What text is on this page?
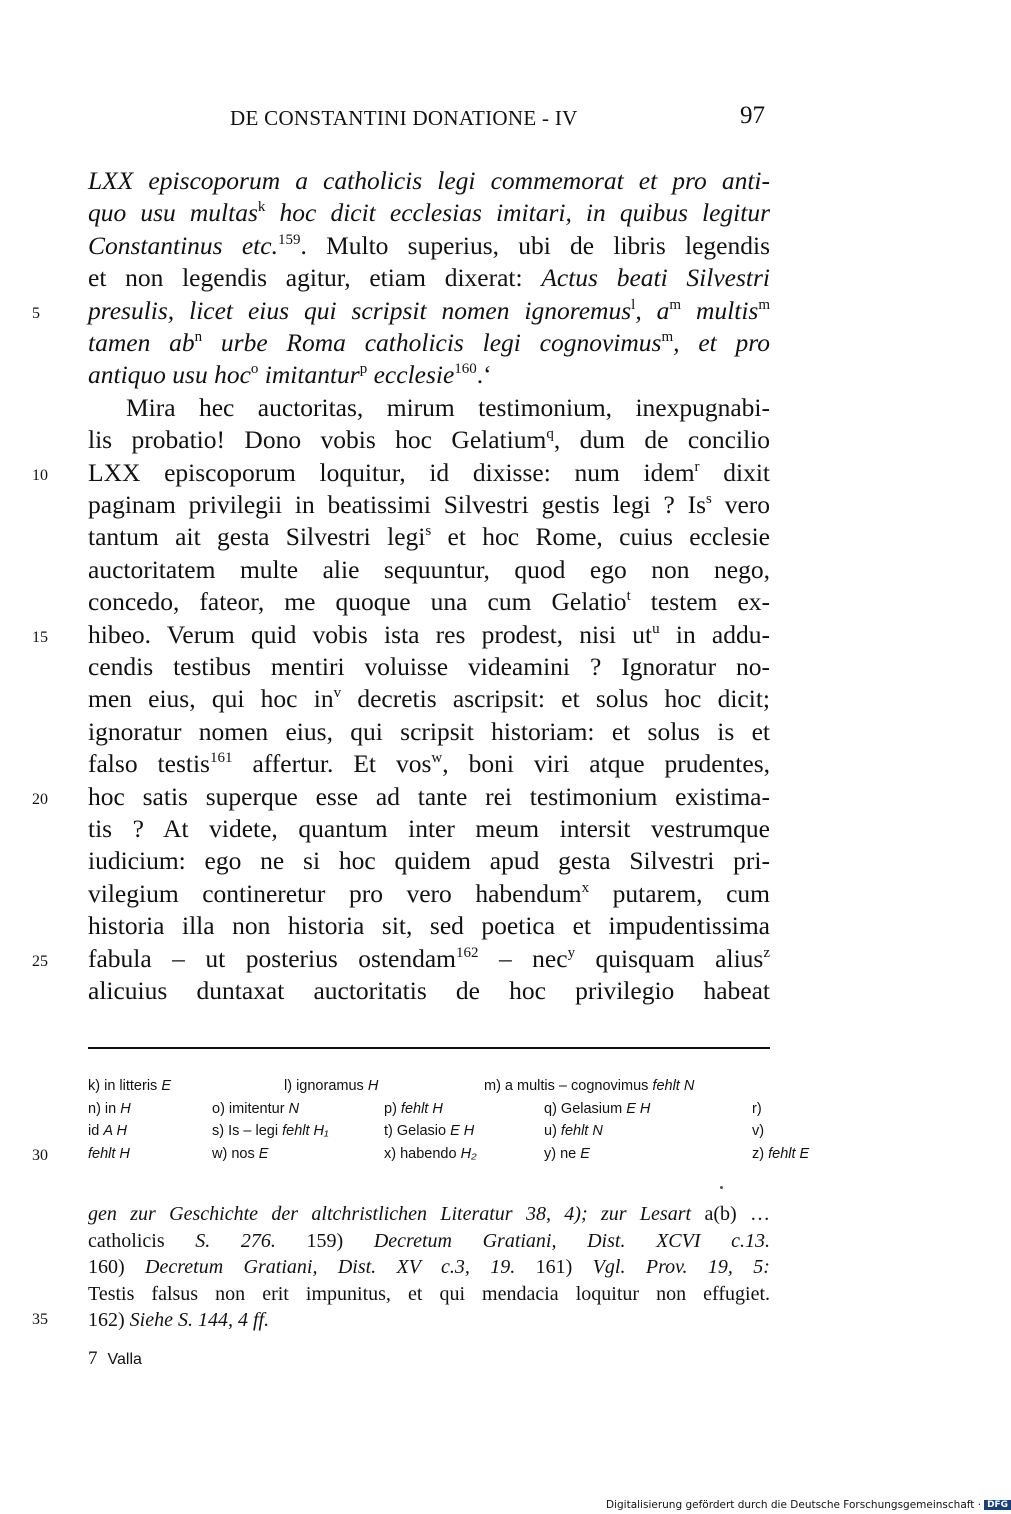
DE CONSTANTINI DONATIONE - IV	97
LXX episcoporum a catholicis legi commemorat et pro anti-
quo usu multas$^k$ hoc dicit ecclesias imitari, in quibus legitur
Constantinus etc.$^{159}$. Multo superius, ubi de libris legendis
et non legendis agitur, etiam dixerat: Actus beati Silvestri
presulis, licet eius qui scripsit nomen ignoremus$^l$, $a^m$ multis$^m$
tamen $ab^n$ urbe Roma catholicis legi cognovimus$^m$, et pro
antiquo usu hoc$^o$ imitantur$^p$ ecclesie$^{160}$.‘
Mira hec auctoritas, mirum testimonium, inexpugnabi-
lis probatio! Dono vobis hoc Gelatium$^q$, dum de concilio
LXX episcoporum loquitur, id dixisse: num idem$^r$ dixit
paginam privilegii in beatissimi Silvestri gestis legi ? Is$^s$ vero
tantum ait gesta Silvestri legi$^s$ et hoc Rome, cuius ecclesie
auctoritatem multe alie sequuntur, quod ego non nego,
concedo, fateor, me quoque una cum Gelatio$^t$ testem ex-
hibeo. Verum quid vobis ista res prodest, nisi $ut^u$ in addu-
cendis testibus mentiri voluisse videamini ? Ignoratur no-
men eius, qui hoc $in^v$ decretis ascripsit: et solus hoc dicit;
ignoratur nomen eius, qui scripsit historiam: et solus is et
falso testis$^{161}$ affertur. Et vos$^w$, boni viri atque prudentes,
hoc satis superque esse ad tante rei testimonium existima-
tis ? At videte, quantum inter meum intersit vestrumque
iudicium: ego ne si hoc quidem apud gesta Silvestri pri-
vilegium contineretur pro vero habendum$^x$ putarem, cum
historia illa non historia sit, sed poetica et impudentissima
fabula – ut posterius ostendam$^{162}$ – nec$^y$ quisquam alius$^z$
alicuius duntaxat auctoritatis de hoc privilegio habeat
5
10
15
20
25
30
35
k) in litteris E	l) ignoramus H	m) a multis – cognovimus fehlt N
n) in H	o) imitentur N	p) fehlt H	q) Gelasium E H	r)
id A H	s) Is – legi fehlt H₁	t) Gelasio E H	u) fehlt N	v)
fehlt H	w) nos E	x) habendo H₂	y) ne E	z) fehlt E
gen zur Geschichte der altchristlichen Literatur 38, 4); zur Lesart a(b) …
catholicis S. 276. 159) Decretum Gratiani, Dist. XCVI c.13.
160) Decretum Gratiani, Dist. XV c.3, 19. 161) Vgl. Prov. 19, 5:
Testis falsus non erit impunitus, et qui mendacia loquitur non effugiet.
162) Siehe S. 144, 4 ff.
7 Valla
Digitalisierung gefördert durch die Deutsche Forschungsgemeinschaft · DFG
